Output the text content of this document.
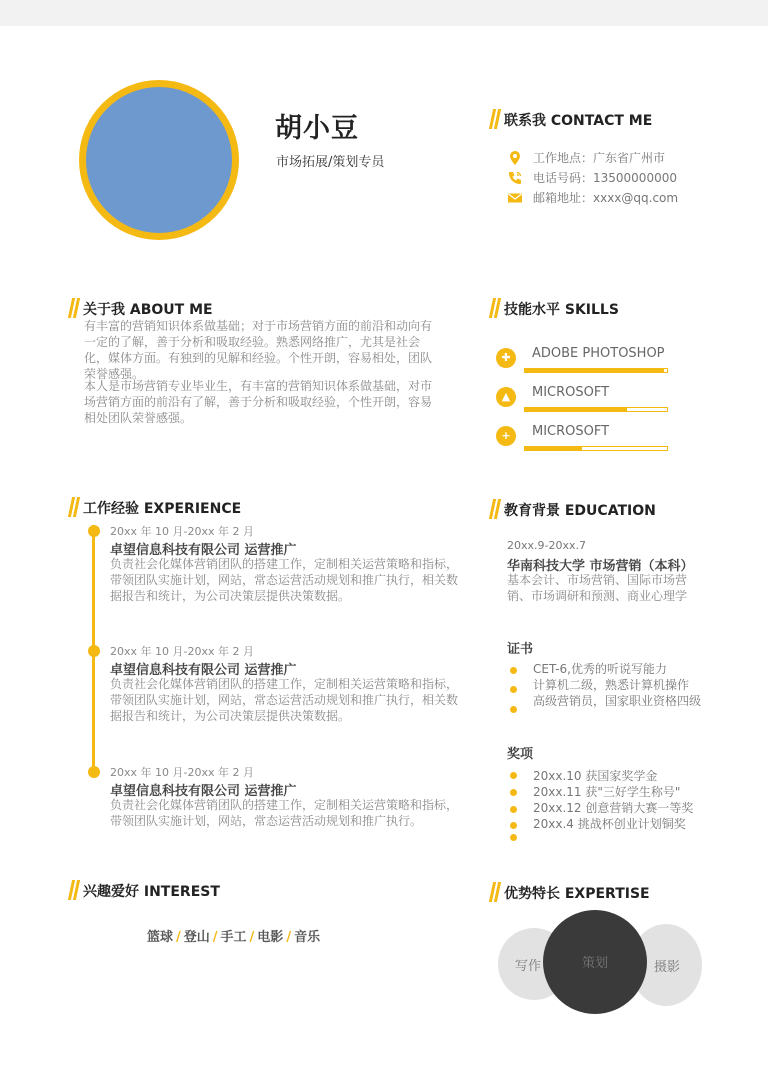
胡小豆
市场拓展/策划专员
联系我 CONTACT ME
工作地点：广东省广州市
电话号码：13500000000
邮箱地址：xxxx@qq.com
关于我 ABOUT ME
有丰富的营销知识体系做基础；对于市场营销方面的前沿和动向有一定的了解，善于分析和吸取经验。熟悉网络推广，尤其是社会化，媒体方面。有独到的见解和经验。个性开朗，容易相处，团队荣誉感强。
本人是市场营销专业毕业生，有丰富的营销知识体系做基础，对市场营销方面的前沿有了解，善于分析和吸取经验，个性开朗，容易相处团队荣誉感强。
技能水平 SKILLS
✚	ADOBE PHOTOSHOP
▲	MICROSOFT
+	MICROSOFT
工作经验 EXPERIENCE
20xx 年 10 月-20xx 年 2 月
卓望信息科技有限公司 运营推广
负责社会化媒体营销团队的搭建工作，定制相关运营策略和指标，带领团队实施计划，网站，常态运营活动规划和推广执行，相关数据报告和统计，为公司决策层提供决策数据。
20xx 年 10 月-20xx 年 2 月
卓望信息科技有限公司 运营推广
负责社会化媒体营销团队的搭建工作，定制相关运营策略和指标，带领团队实施计划，网站，常态运营活动规划和推广执行，相关数据报告和统计，为公司决策层提供决策数据。
20xx 年 10 月-20xx 年 2 月
卓望信息科技有限公司 运营推广
负责社会化媒体营销团队的搭建工作，定制相关运营策略和指标，带领团队实施计划，网站，常态运营活动规划和推广执行。
教育背景 EDUCATION
20xx.9-20xx.7
华南科技大学 市场营销（本科）
基本会计、市场营销、国际市场营销、市场调研和预测、商业心理学
证书
CET-6,优秀的听说写能力
计算机二级，熟悉计算机操作
高级营销员，国家职业资格四级
奖项
20xx.10 获国家奖学金
20xx.11 获"三好学生称号"
20xx.12 创意营销大赛一等奖
20xx.4 挑战杯创业计划铜奖
兴趣爱好 INTEREST
篮球 / 登山 / 手工 / 电影 / 音乐
优势特长 EXPERTISE
写作	摄影
策划
